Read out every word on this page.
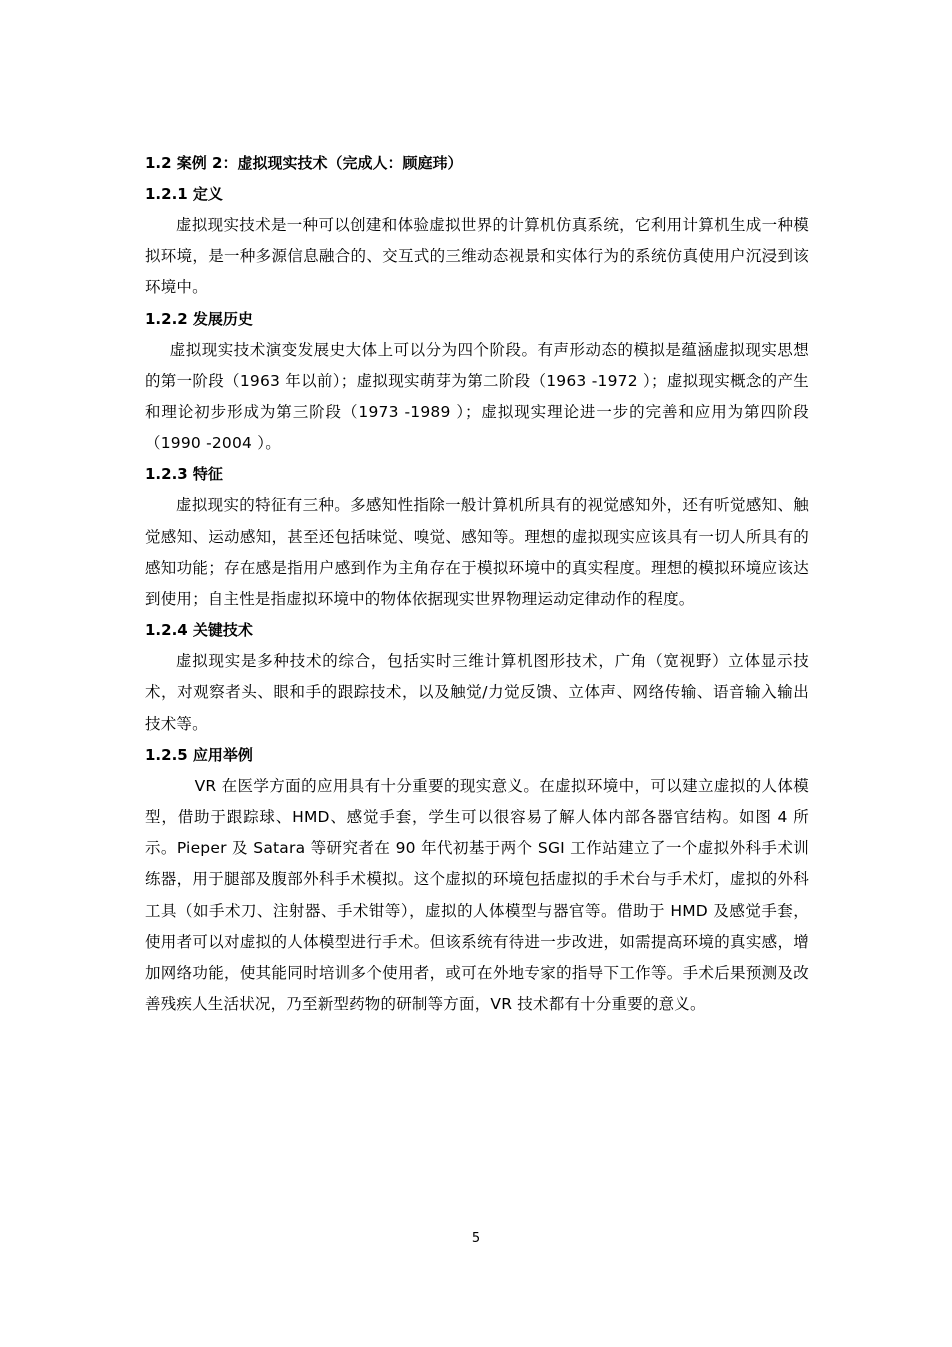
1.2 案例 2：虚拟现实技术（完成人：顾庭玮）

1.2.1 定义

虚拟现实技术是一种可以创建和体验虚拟世界的计算机仿真系统，它利用计算机生成一种模拟环境，是一种多源信息融合的、交互式的三维动态视景和实体行为的系统仿真使用户沉浸到该环境中。

1.2.2 发展历史

虚拟现实技术演变发展史大体上可以分为四个阶段。有声形动态的模拟是蕴涵虚拟现实思想的第一阶段（1963 年以前）；虚拟现实萌芽为第二阶段（1963 -1972 ）；虚拟现实概念的产生和理论初步形成为第三阶段（1973 -1989 ）；虚拟现实理论进一步的完善和应用为第四阶段（1990 -2004 ）。

1.2.3 特征

虚拟现实的特征有三种。多感知性指除一般计算机所具有的视觉感知外，还有听觉感知、触觉感知、运动感知，甚至还包括味觉、嗅觉、感知等。理想的虚拟现实应该具有一切人所具有的感知功能；存在感是指用户感到作为主角存在于模拟环境中的真实程度。理想的模拟环境应该达到使用；自主性是指虚拟环境中的物体依据现实世界物理运动定律动作的程度。

1.2.4 关键技术

虚拟现实是多种技术的综合，包括实时三维计算机图形技术，广角（宽视野）立体显示技术，对观察者头、眼和手的跟踪技术，以及触觉/力觉反馈、立体声、网络传输、语音输入输出技术等。

1.2.5 应用举例

VR 在医学方面的应用具有十分重要的现实意义。在虚拟环境中，可以建立虚拟的人体模型，借助于跟踪球、HMD、感觉手套，学生可以很容易了解人体内部各器官结构。如图 4 所示。Pieper 及 Satara 等研究者在 90 年代初基于两个 SGI 工作站建立了一个虚拟外科手术训练器，用于腿部及腹部外科手术模拟。这个虚拟的环境包括虚拟的手术台与手术灯，虚拟的外科工具（如手术刀、注射器、手术钳等），虚拟的人体模型与器官等。借助于 HMD 及感觉手套，使用者可以对虚拟的人体模型进行手术。但该系统有待进一步改进，如需提高环境的真实感，增加网络功能，使其能同时培训多个使用者，或可在外地专家的指导下工作等。手术后果预测及改善残疾人生活状况，乃至新型药物的研制等方面，VR 技术都有十分重要的意义。

5
